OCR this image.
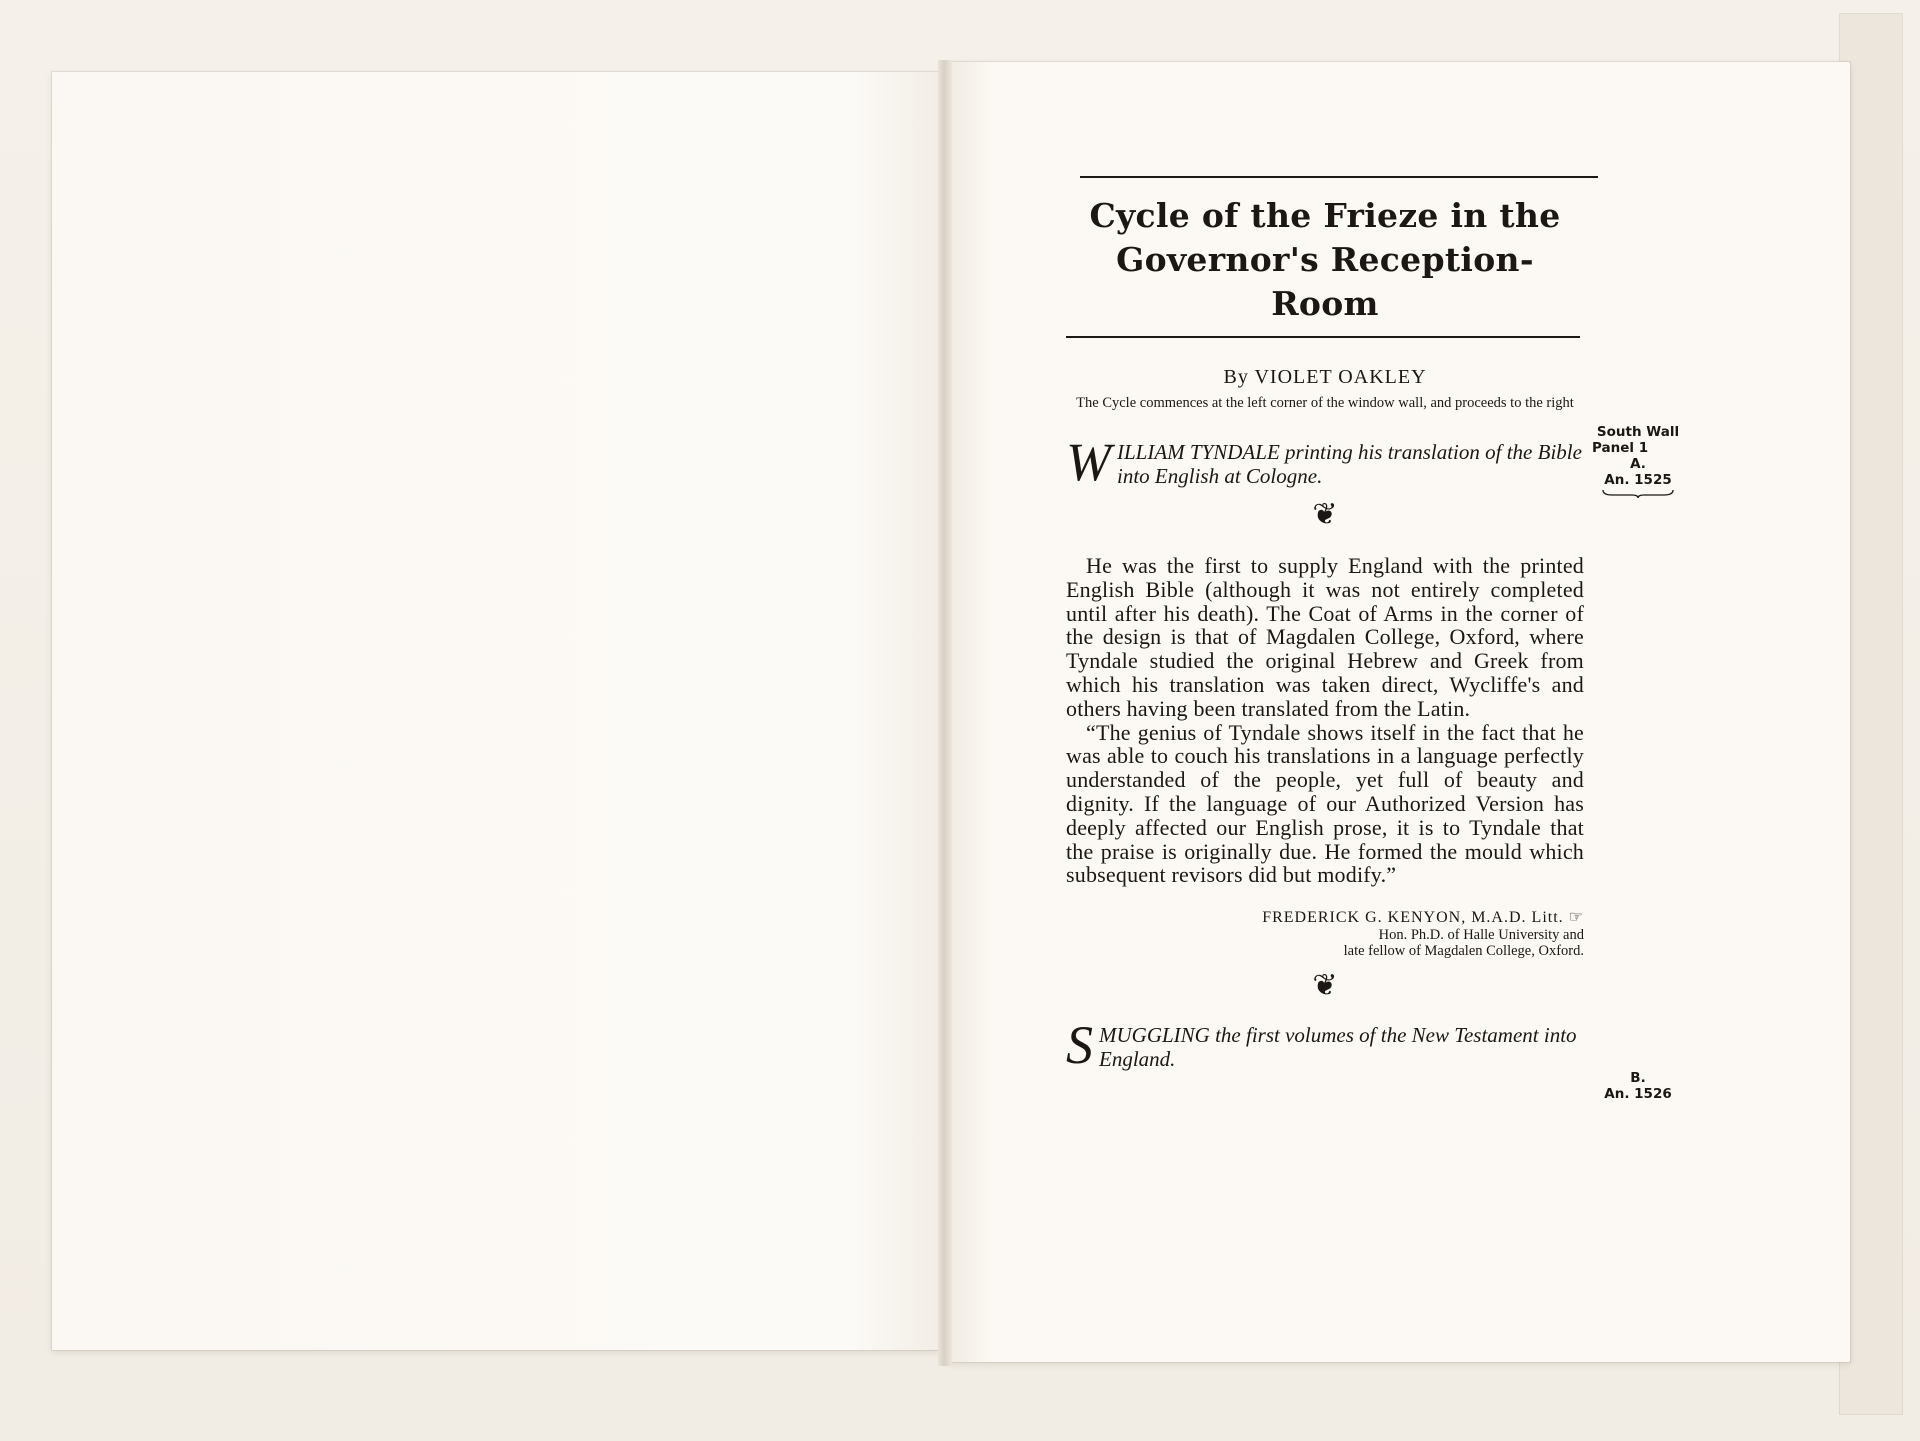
Cycle of the Frieze in the
Governor's Reception-Room
By VIOLET OAKLEY
The Cycle commences at the left corner of the window wall, and proceeds to the right
W ILLIAM TYNDALE printing his translation of the Bible into English at Cologne.
❦

He was the first to supply England with the printed English Bible (although it was not entirely completed until after his death). The Coat of Arms in the corner of the design is that of Magdalen College, Oxford, where Tyndale studied the original Hebrew and Greek from which his translation was taken direct, Wycliffe's and others having been translated from the Latin.

“The genius of Tyndale shows itself in the fact that he was able to couch his translations in a language perfectly understanded of the people, yet full of beauty and dignity. If the language of our Authorized Version has deeply affected our English prose, it is to Tyndale that the praise is originally due. He formed the mould which subsequent revisors did but modify.”

FREDERICK G. KENYON, M.A.D. Litt. ☞
Hon. Ph.D. of Halle University and
late fellow of Magdalen College, Oxford.
❦
S MUGGLING the first volumes of the New Testament into England.
South Wall
Panel 1
A.
An. 1525
B.
An. 1526
